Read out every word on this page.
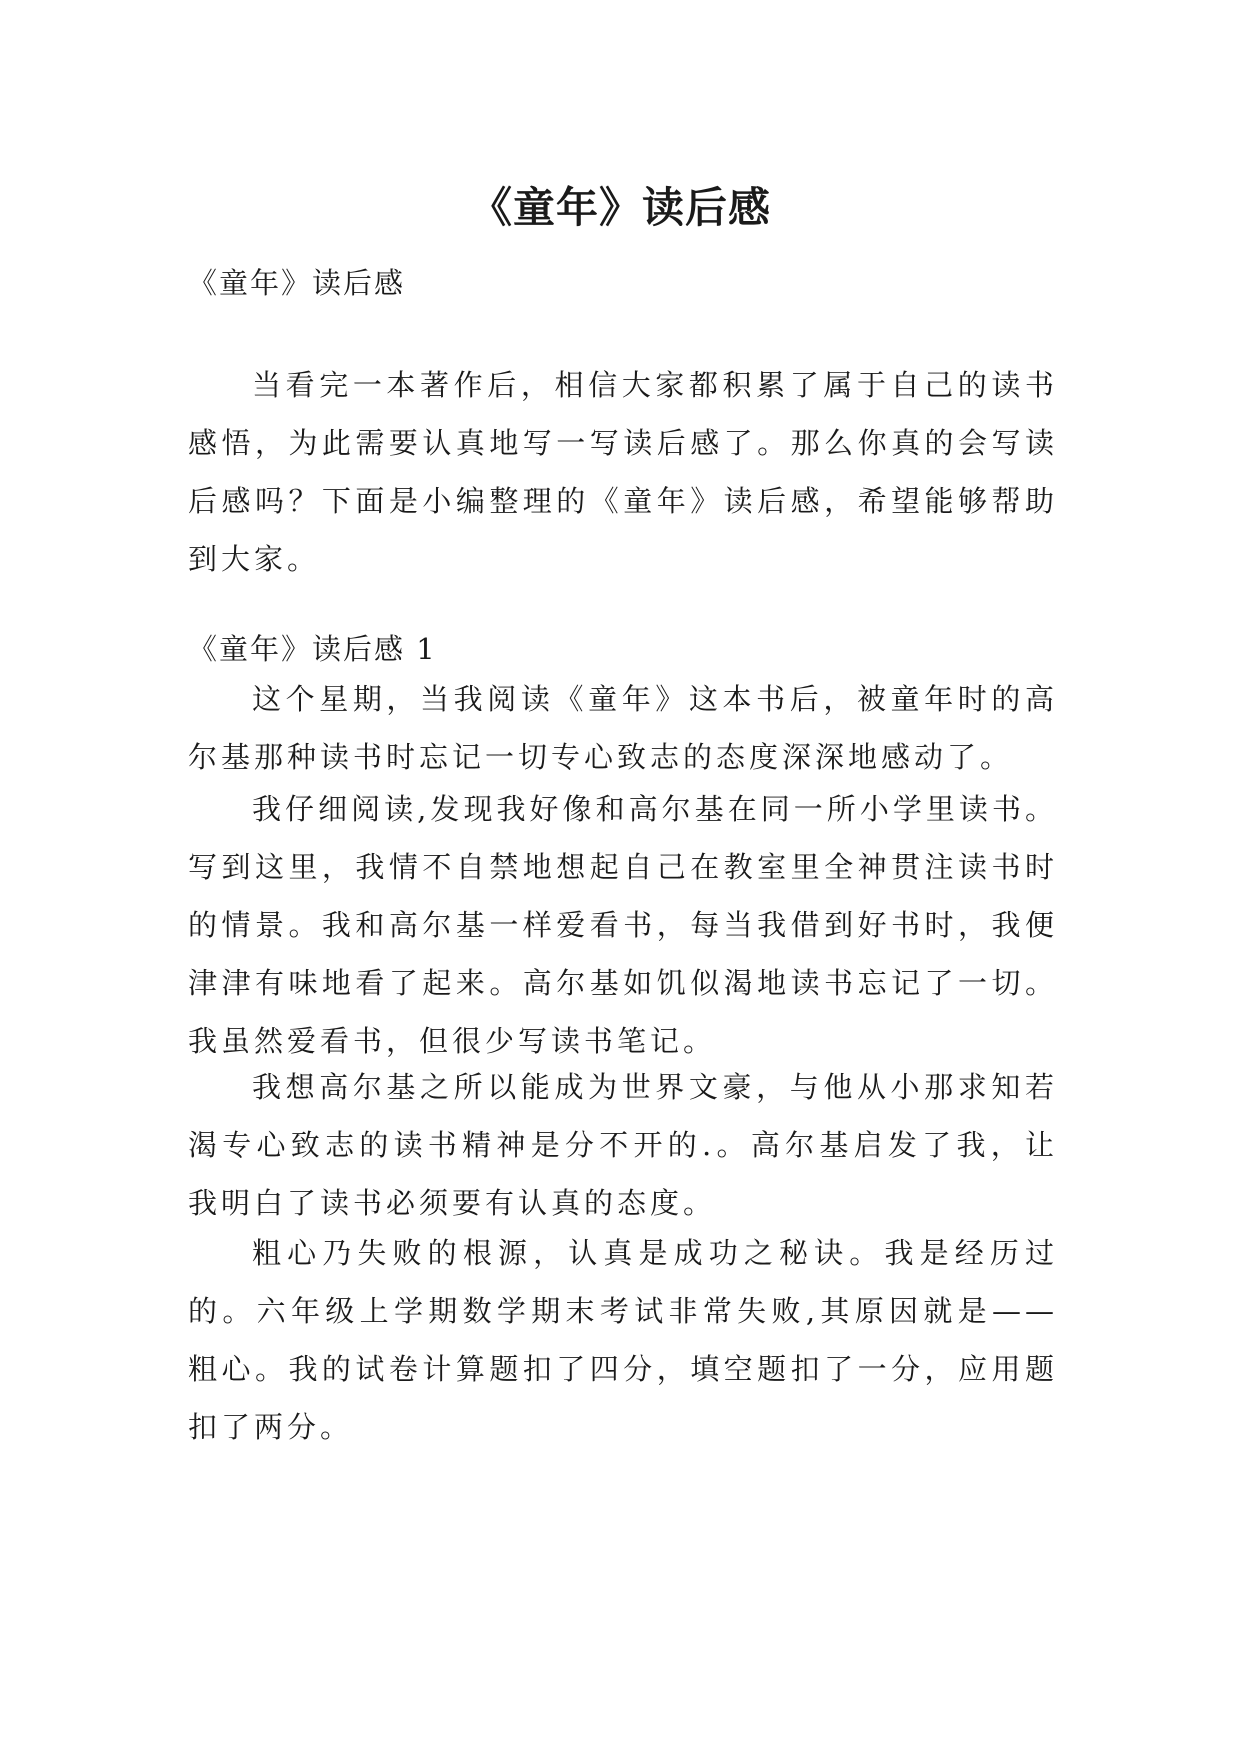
《童年》读后感

《童年》读后感

当看完一本著作后，相信大家都积累了属于自己的读书感悟，为此需要认真地写一写读后感了。那么你真的会写读后感吗？下面是小编整理的《童年》读后感，希望能够帮助到大家。

《童年》读后感 1

这个星期，当我阅读《童年》这本书后，被童年时的高尔基那种读书时忘记一切专心致志的态度深深地感动了。

我仔细阅读,发现我好像和高尔基在同一所小学里读书。写到这里，我情不自禁地想起自己在教室里全神贯注读书时的情景。我和高尔基一样爱看书，每当我借到好书时，我便津津有味地看了起来。高尔基如饥似渴地读书忘记了一切。我虽然爱看书，但很少写读书笔记。

我想高尔基之所以能成为世界文豪，与他从小那求知若渴专心致志的读书精神是分不开的.。高尔基启发了我，让我明白了读书必须要有认真的态度。

粗心乃失败的根源，认真是成功之秘诀。我是经历过的。六年级上学期数学期末考试非常失败,其原因就是——粗心。我的试卷计算题扣了四分，填空题扣了一分，应用题扣了两分。
